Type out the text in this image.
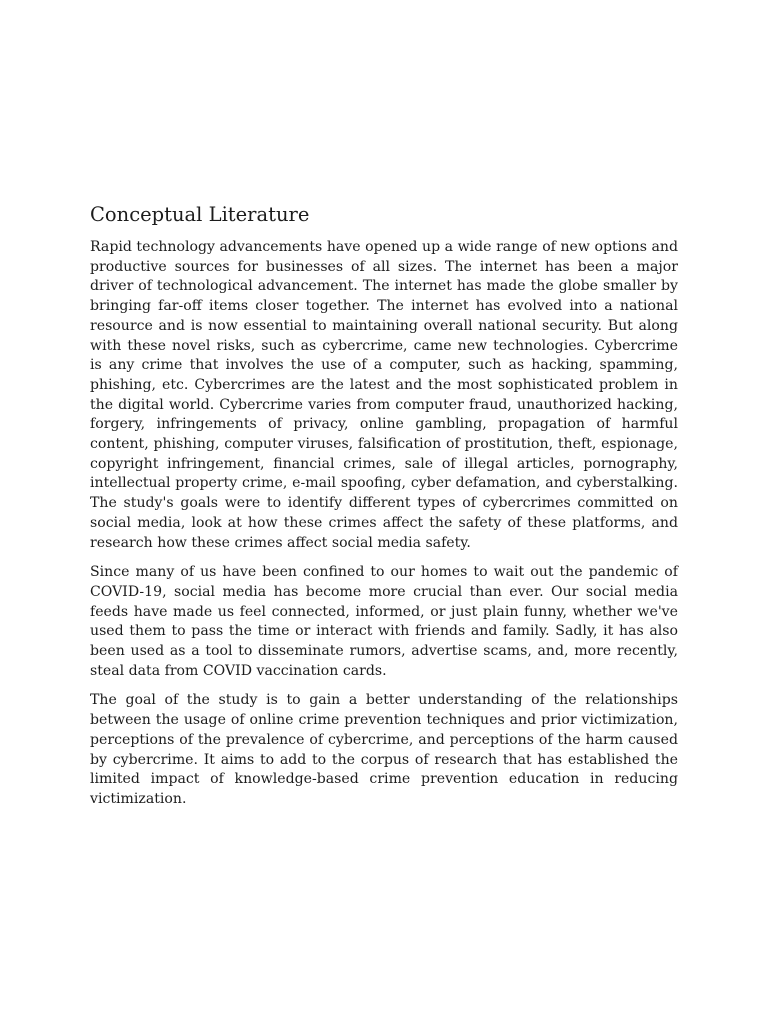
Conceptual Literature

Rapid technology advancements have opened up a wide range of new options and productive sources for businesses of all sizes. The internet has been a major driver of technological advancement. The internet has made the globe smaller by bringing far-off items closer together. The internet has evolved into a national resource and is now essential to maintaining overall national security. But along with these novel risks, such as cybercrime, came new technologies. Cybercrime is any crime that involves the use of a computer, such as hacking, spamming, phishing, etc. Cybercrimes are the latest and the most sophisticated problem in the digital world. Cybercrime varies from computer fraud, unauthorized hacking, forgery, infringements of privacy, online gambling, propagation of harmful content, phishing, computer viruses, falsification of prostitution, theft, espionage, copyright infringement, financial crimes, sale of illegal articles, pornography, intellectual property crime, e-mail spoofing, cyber defamation, and cyberstalking. The study's goals were to identify different types of cybercrimes committed on social media, look at how these crimes affect the safety of these platforms, and research how these crimes affect social media safety.

Since many of us have been confined to our homes to wait out the pandemic of COVID-19, social media has become more crucial than ever. Our social media feeds have made us feel connected, informed, or just plain funny, whether we've used them to pass the time or interact with friends and family. Sadly, it has also been used as a tool to disseminate rumors, advertise scams, and, more recently, steal data from COVID vaccination cards.

The goal of the study is to gain a better understanding of the relationships between the usage of online crime prevention techniques and prior victimization, perceptions of the prevalence of cybercrime, and perceptions of the harm caused by cybercrime. It aims to add to the corpus of research that has established the limited impact of knowledge-based crime prevention education in reducing victimization.
